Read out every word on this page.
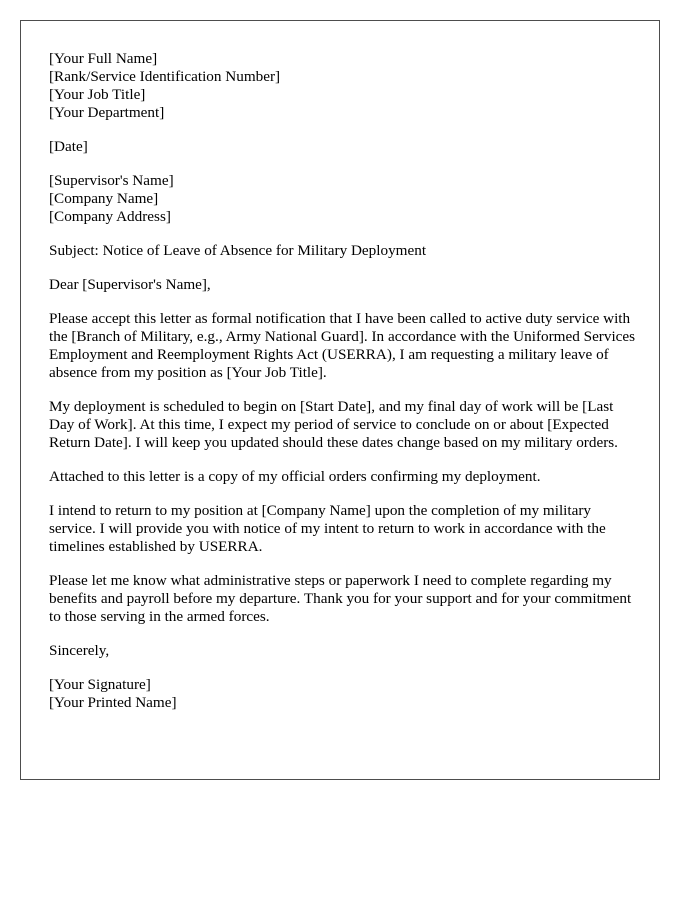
[Your Full Name]
[Rank/Service Identification Number]
[Your Job Title]
[Your Department]
[Date]
[Supervisor's Name]
[Company Name]
[Company Address]

Subject: Notice of Leave of Absence for Military Deployment

Dear [Supervisor's Name],

Please accept this letter as formal notification that I have been called to active duty service with the [Branch of Military, e.g., Army National Guard]. In accordance with the Uniformed Services Employment and Reemployment Rights Act (USERRA), I am requesting a military leave of absence from my position as [Your Job Title].

My deployment is scheduled to begin on [Start Date], and my final day of work will be [Last Day of Work]. At this time, I expect my period of service to conclude on or about [Expected Return Date]. I will keep you updated should these dates change based on my military orders.

Attached to this letter is a copy of my official orders confirming my deployment.

I intend to return to my position at [Company Name] upon the completion of my military service. I will provide you with notice of my intent to return to work in accordance with the timelines established by USERRA.

Please let me know what administrative steps or paperwork I need to complete regarding my benefits and payroll before my departure. Thank you for your support and for your commitment to those serving in the armed forces.

Sincerely,

[Your Signature]
[Your Printed Name]
